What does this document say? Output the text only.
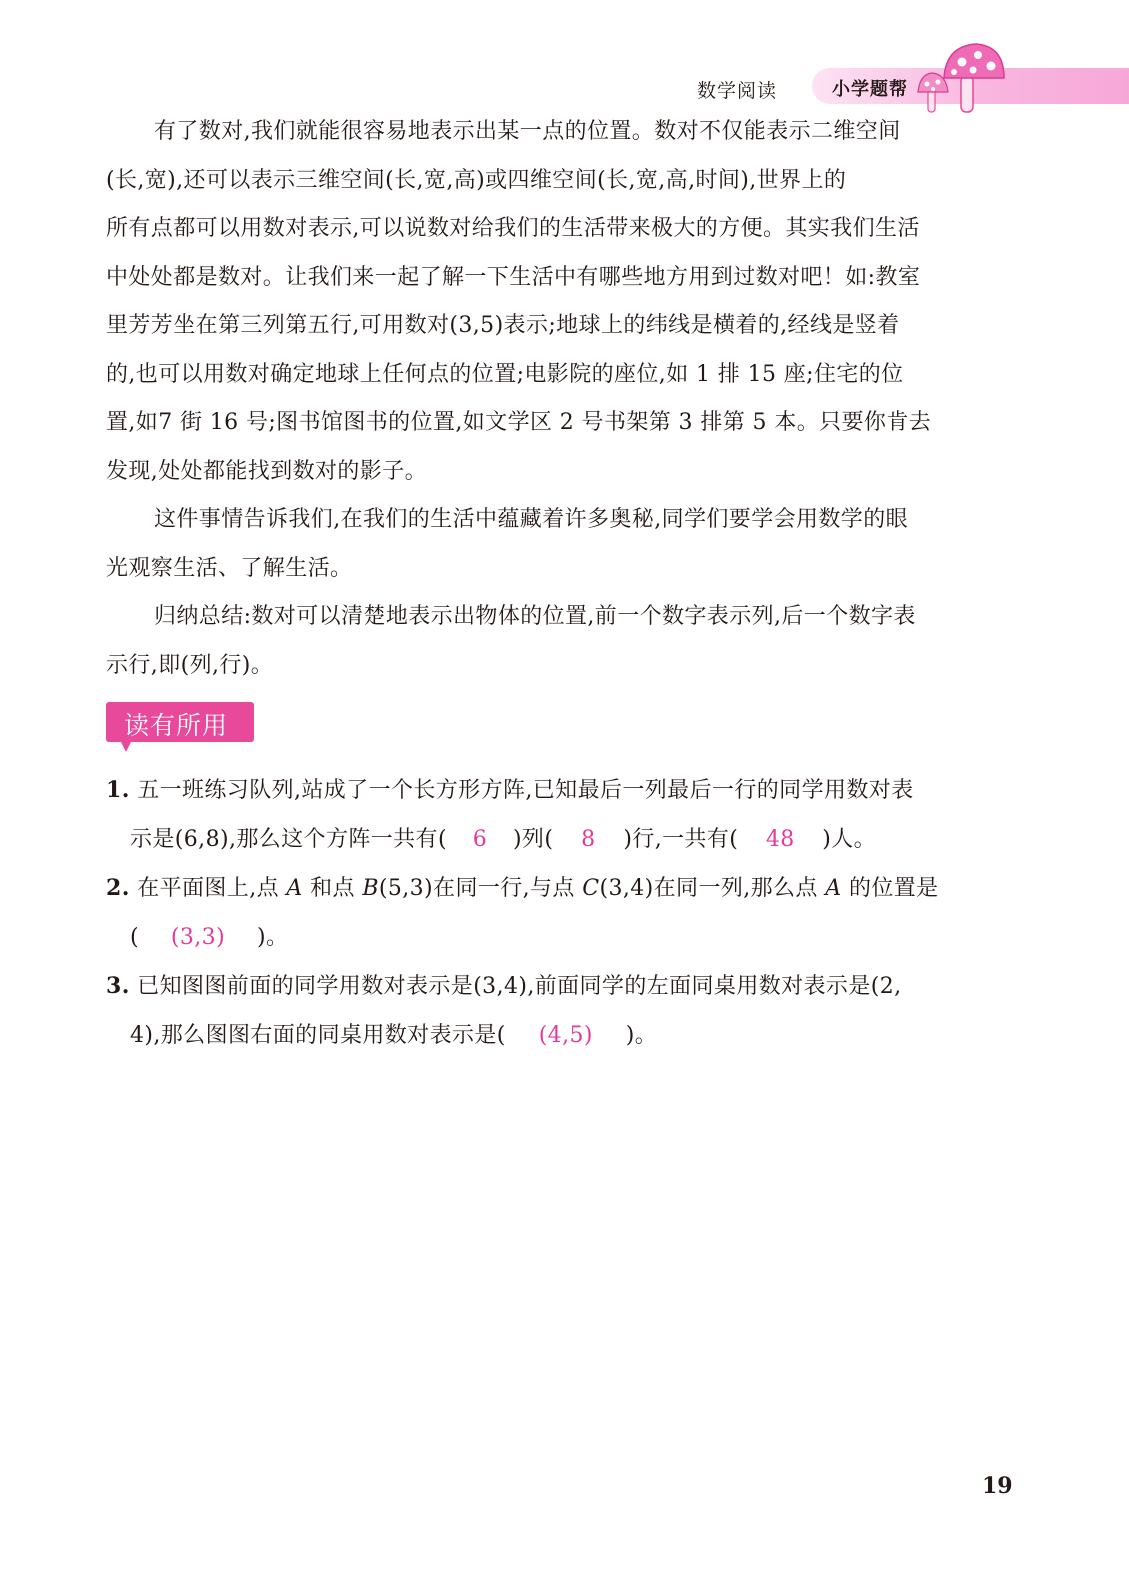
数学阅读	小学题帮

有了数对,我们就能很容易地表示出某一点的位置。数对不仅能表示二维空间
(长,宽),还可以表示三维空间(长,宽,高)或四维空间(长,宽,高,时间),世界上的
所有点都可以用数对表示,可以说数对给我们的生活带来极大的方便。其实我们生活
中处处都是数对。让我们来一起了解一下生活中有哪些地方用到过数对吧！如:教室
里芳芳坐在第三列第五行,可用数对(3,5)表示;地球上的纬线是横着的,经线是竖着
的,也可以用数对确定地球上任何点的位置;电影院的座位,如 1 排 15 座;住宅的位
置,如7 街 16 号;图书馆图书的位置,如文学区 2 号书架第 3 排第 5 本。只要你肯去
发现,处处都能找到数对的影子。

这件事情告诉我们,在我们的生活中蕴藏着许多奥秘,同学们要学会用数学的眼
光观察生活、了解生活。

归纳总结:数对可以清楚地表示出物体的位置,前一个数字表示列,后一个数字表
示行,即(列,行)。

读有所用

1. 五一班练习队列,站成了一个长方形方阵,已知最后一列最后一行的同学用数对表

示是(6,8),那么这个方阵一共有( 6 )列( 8 )行,一共有( 48 )人。

2. 在平面图上,点 A 和点 B(5,3)在同一行,与点 C(3,4)在同一列,那么点 A 的位置是

( (3,3) )。

3. 已知图图前面的同学用数对表示是(3,4),前面同学的左面同桌用数对表示是(2,

4),那么图图右面的同桌用数对表示是( (4,5) )。

19
